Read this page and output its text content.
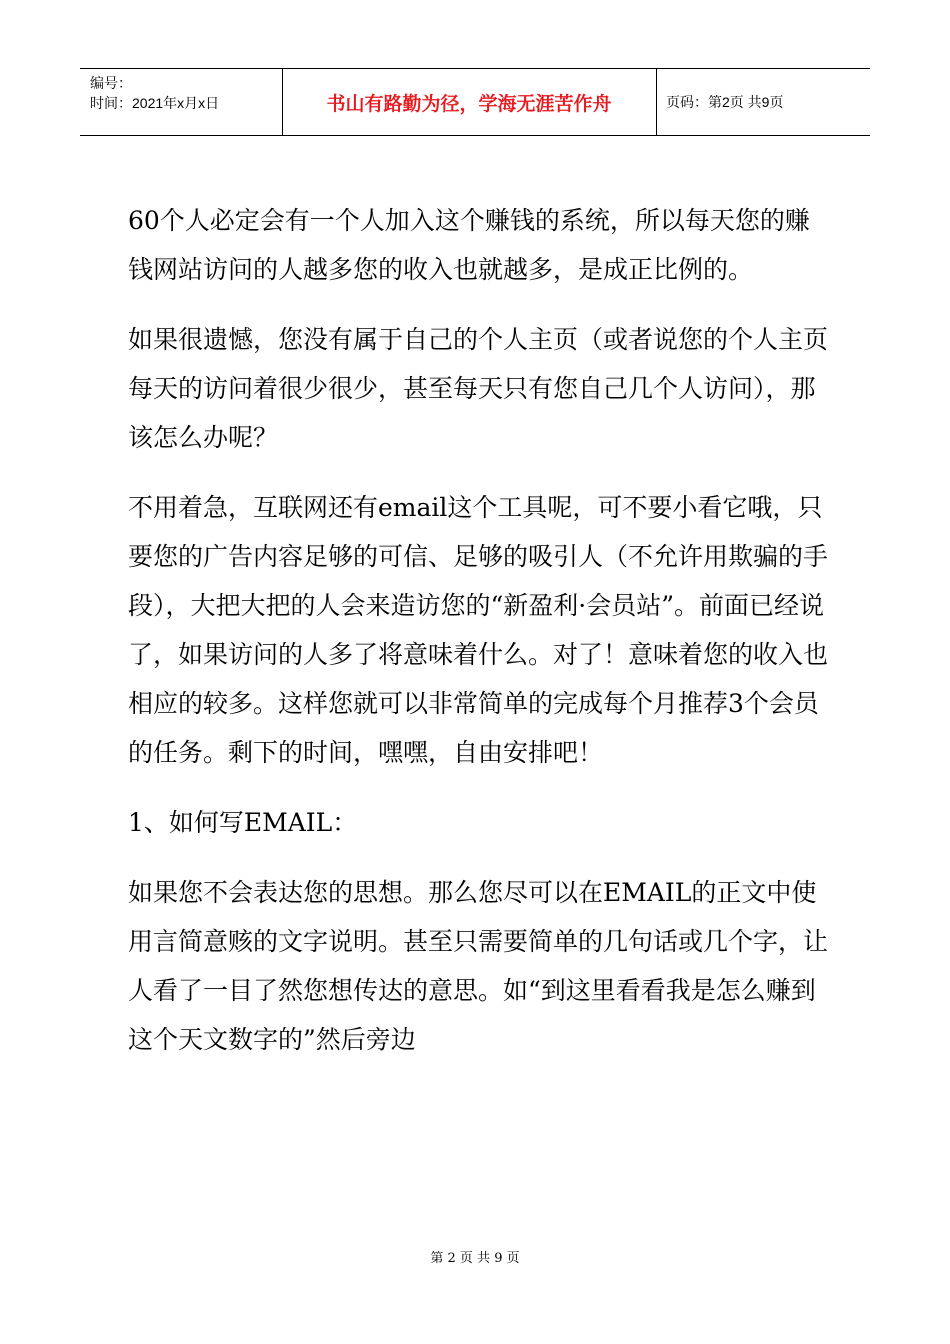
编号：
时间：2021年x月x日	书山有路勤为径，学海无涯苦作舟	页码：第2页 共9页

60个人必定会有一个人加入这个赚钱的系统，所以每天您的赚钱网站访问的人越多您的收入也就越多，是成正比例的。

如果很遗憾，您没有属于自己的个人主页（或者说您的个人主页每天的访问着很少很少，甚至每天只有您自己几个人访问），那该怎么办呢？

不用着急，互联网还有email这个工具呢，可不要小看它哦，只要您的广告内容足够的可信、足够的吸引人（不允许用欺骗的手段），大把大把的人会来造访您的“新盈利·会员站”。前面已经说了，如果访问的人多了将意味着什么。对了！意味着您的收入也相应的较多。这样您就可以非常简单的完成每个月推荐3个会员的任务。剩下的时间，嘿嘿，自由安排吧！

1、如何写EMAIL：

如果您不会表达您的思想。那么您尽可以在EMAIL的正文中使用言简意赅的文字说明。甚至只需要简单的几句话或几个字，让人看了一目了然您想传达的意思。如“到这里看看我是怎么赚到这个天文数字的”然后旁边

第 2 页 共 9 页
